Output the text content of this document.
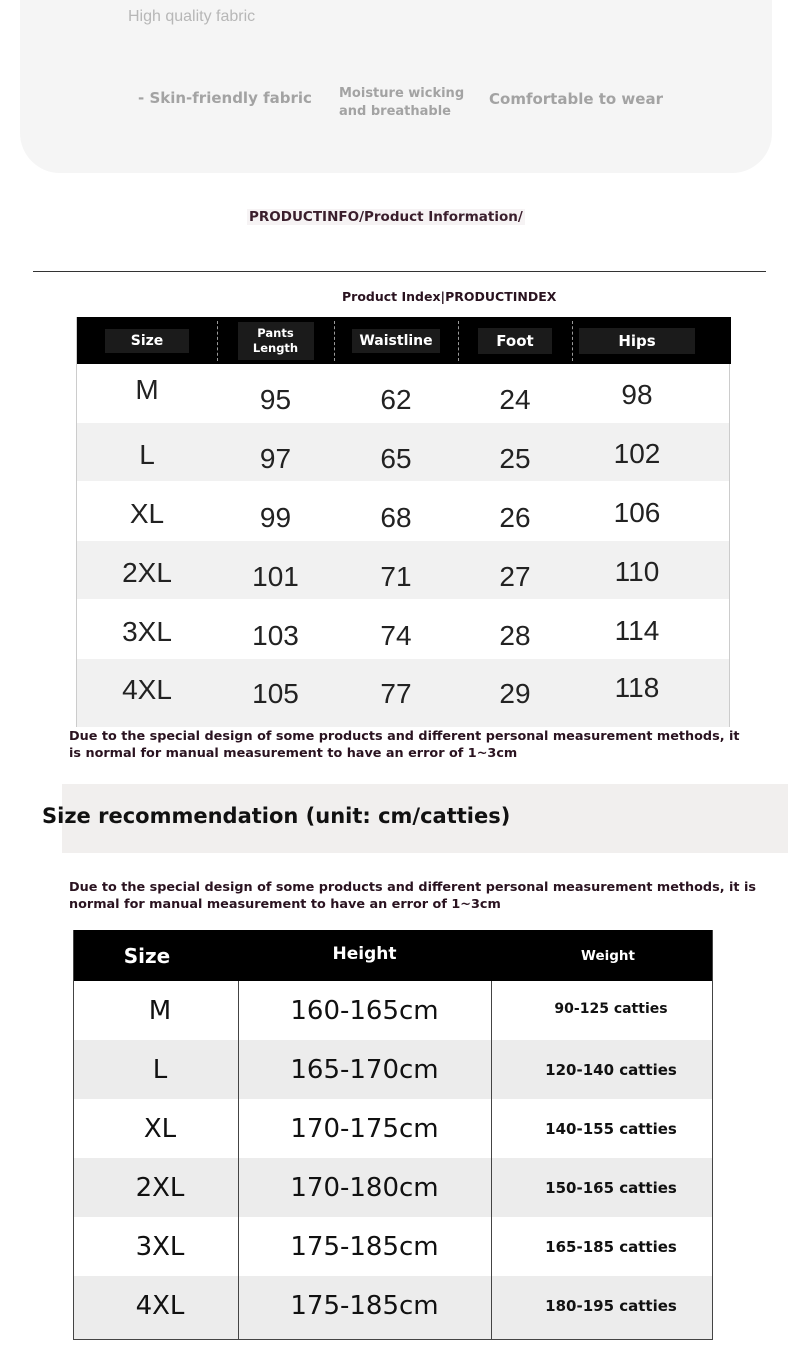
High quality fabric
- Skin-friendly fabric Moisture wicking and breathable
Comfortable to wear
PRODUCTINFO/Product Information/
Product Index|PRODUCTINDEX
Size	Pants Length	Waistline	Foot	Hips
M	95	62	24	98
L	97	65	25	102
XL	99	68	26	106
2XL	101	71	27	110
3XL	103	74	28	114
4XL	105	77	29	118
Due to the special design of some products and different personal measurement methods, it is normal for manual measurement to have an error of 1~3cm
Size recommendation (unit: cm/catties)
Due to the special design of some products and different personal measurement methods, it is normal for manual measurement to have an error of 1~3cm
Size	Height	Weight
M	160-165cm	90-125 catties
L	165-170cm	120-140 catties
XL	170-175cm	140-155 catties
2XL	170-180cm	150-165 catties
3XL	175-185cm	165-185 catties
4XL	175-185cm	180-195 catties
